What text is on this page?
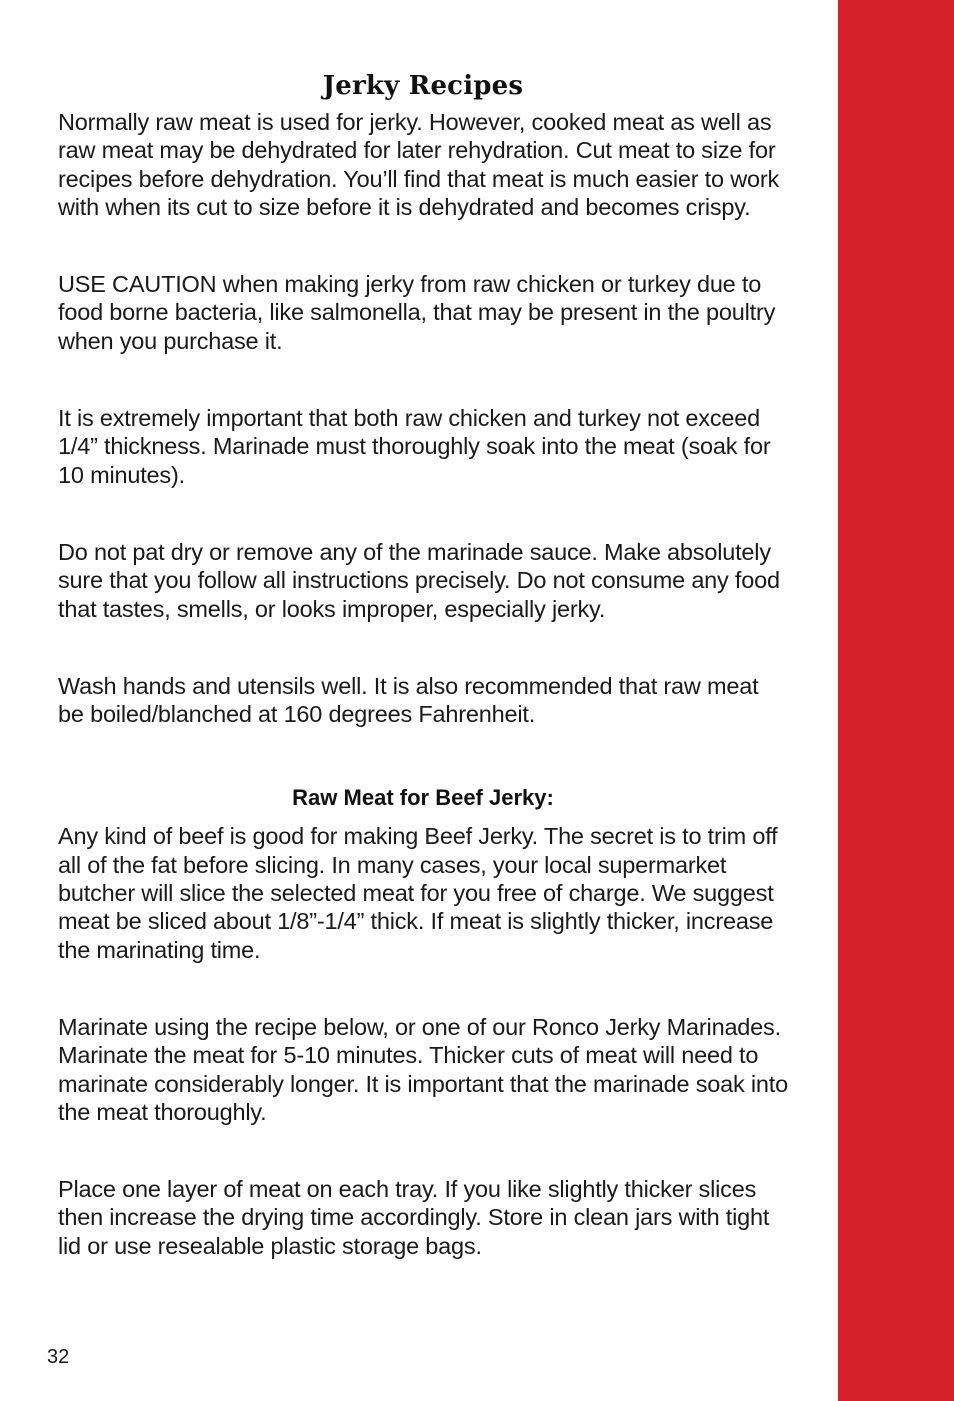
Jerky Recipes

Normally raw meat is used for jerky. However, cooked meat as well as raw meat may be dehydrated for later rehydration. Cut meat to size for recipes before dehydration. You’ll find that meat is much easier to work with when its cut to size before it is dehydrated and becomes crispy.

USE CAUTION when making jerky from raw chicken or turkey due to food borne bacteria, like salmonella, that may be present in the poultry when you purchase it.

It is extremely important that both raw chicken and turkey not exceed 1/4” thickness. Marinade must thoroughly soak into the meat (soak for 10 minutes).

Do not pat dry or remove any of the marinade sauce. Make absolutely sure that you follow all instructions precisely. Do not consume any food that tastes, smells, or looks improper, especially jerky.

Wash hands and utensils well. It is also recommended that raw meat be boiled/blanched at 160 degrees Fahrenheit.

Raw Meat for Beef Jerky:

Any kind of beef is good for making Beef Jerky. The secret is to trim off all of the fat before slicing. In many cases, your local supermarket butcher will slice the selected meat for you free of charge. We suggest meat be sliced about 1/8”-1/4” thick. If meat is slightly thicker, increase the marinating time.

Marinate using the recipe below, or one of our Ronco Jerky Marinades. Marinate the meat for 5-10 minutes. Thicker cuts of meat will need to marinate considerably longer. It is important that the marinade soak into the meat thoroughly.

Place one layer of meat on each tray. If you like slightly thicker slices then increase the drying time accordingly. Store in clean jars with tight lid or use resealable plastic storage bags.

32
